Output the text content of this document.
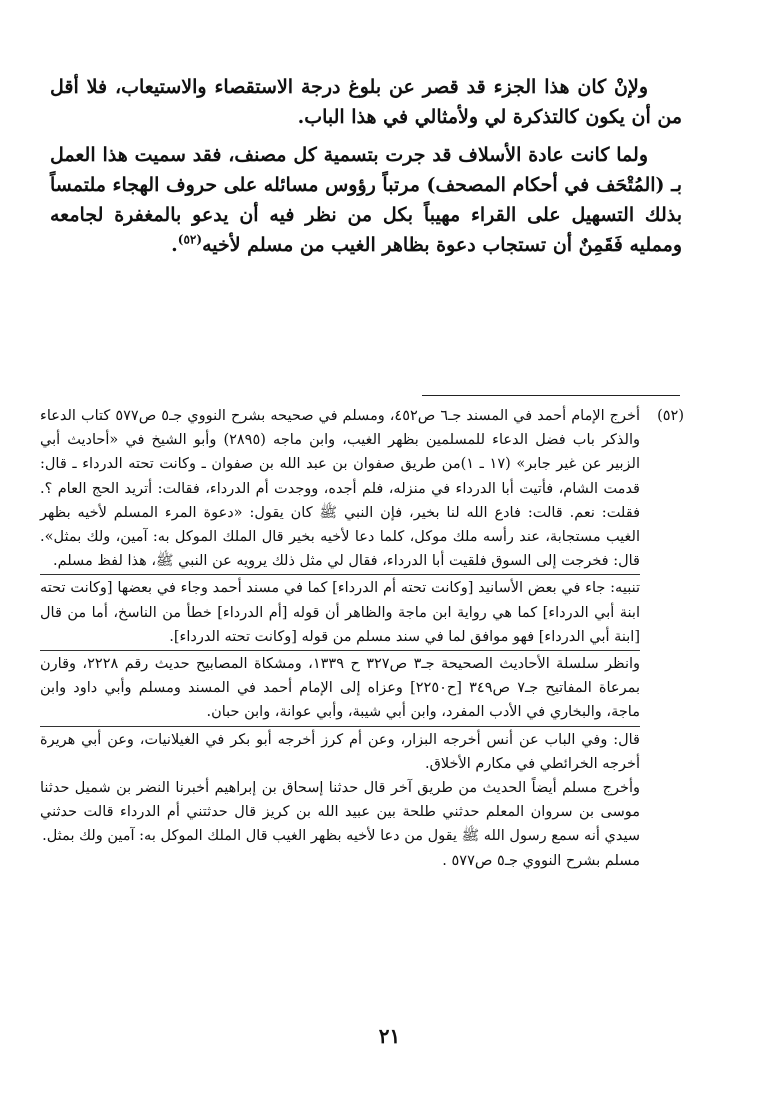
ولإنْ كان هذا الجزء قد قصر عن بلوغ درجة الاستقصاء والاستيعاب، فلا أقل من أن يكون كالتذكرة لي ولأمثالي في هذا الباب.

ولما كانت عادة الأسلاف قد جرت بتسمية كل مصنف، فقد سميت هذا العمل بـ (المُتْحَف في أحكام المصحف) مرتباً رؤوس مسائله على حروف الهجاء ملتمساً بذلك التسهيل على القراء مهيباً بكل من نظر فيه أن يدعو بالمغفرة لجامعه وممليه فَقَمِنٌ أن تستجاب دعوة بظاهر الغيب من مسلم لأخيه$^{(٥٢)}$.

(٥٢)

أخرج الإمام أحمد في المسند جـ٦ ص٤٥٢، ومسلم في صحيحه بشرح النووي جـ٥ ص٥٧٧ كتاب الدعاء والذكر باب فضل الدعاء للمسلمين بظهر الغيب، وابن ماجه (٢٨٩٥) وأبو الشيخ في «أحاديث أبي الزبير عن غير جابر» (١٧ ـ ١)من طريق صفوان بن عبد الله بن صفوان ـ وكانت تحته الدرداء ـ قال: قدمت الشام، فأتيت أبا الدرداء في منزله، فلم أجده، ووجدت أم الدرداء، فقالت: أتريد الحج العام ؟. فقلت: نعم. قالت: فادع الله لنا بخير، فإن النبي ﷺ كان يقول: «دعوة المرء المسلم لأخيه بظهر الغيب مستجابة، عند رأسه ملك موكل، كلما دعا لأخيه بخير قال الملك الموكل به: آمين، ولك بمثل». قال: فخرجت إلى السوق فلقيت أبا الدرداء، فقال لي مثل ذلك يرويه عن النبي ﷺ، هذا لفظ مسلم.

تنبيه: جاء في بعض الأسانيد [وكانت تحته أم الدرداء] كما في مسند أحمد وجاء في بعضها [وكانت تحته ابنة أبي الدرداء] كما هي رواية ابن ماجة والظاهر أن قوله [أم الدرداء] خطأ من الناسخ، أما من قال [ابنة أبي الدرداء] فهو موافق لما في سند مسلم من قوله [وكانت تحته الدرداء].

وانظر سلسلة الأحاديث الصحيحة جـ٣ ص٣٢٧ ح ١٣٣٩، ومشكاة المصابيح حديث رقم ٢٢٢٨، وقارن بمرعاة المفاتيح جـ٧ ص٣٤٩ [ح٢٢٥٠] وعزاه إلى الإمام أحمد في المسند ومسلم وأبي داود وابن ماجة، والبخاري في الأدب المفرد، وابن أبي شيبة، وأبي عوانة، وابن حبان.

قال: وفي الباب عن أنس أخرجه البزار، وعن أم كرز أخرجه أبو بكر في الغيلانيات، وعن أبي هريرة أخرجه الخرائطي في مكارم الأخلاق.

وأخرج مسلم أيضاً الحديث من طريق آخر قال حدثنا إسحاق بن إبراهيم أخبرنا النضر بن شميل حدثنا موسى بن سروان المعلم حدثني طلحة بين عبيد الله بن كريز قال حدثتني أم الدرداء قالت حدثني سيدي أنه سمع رسول الله ﷺ يقول من دعا لأخيه بظهر الغيب قال الملك الموكل به: آمين ولك بمثل.

مسلم بشرح النووي جـ٥ ص٥٧٧ .

٢١
